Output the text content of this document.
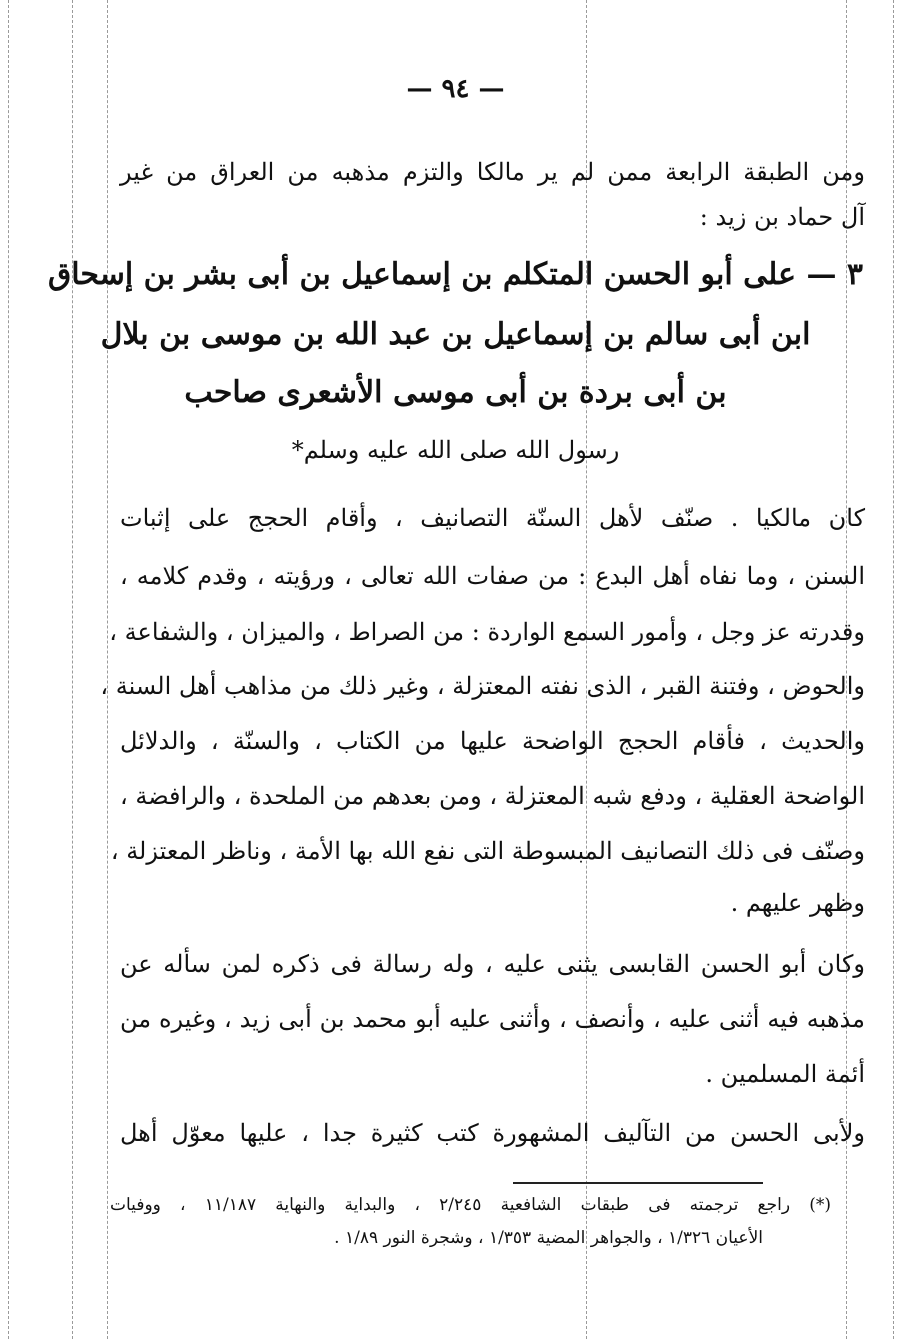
— ٩٤ —
ومن الطبقة الرابعة ممن لم ير مالكا والتزم مذهبه من العراق من غير
آل حماد بن زيد :
٣ — على أبو الحسن المتكلم بن إسماعيل بن أبى بشر بن إسحاق
ابن أبى سالم بن إسماعيل بن عبد الله بن موسى بن بلال
بن أبى بردة بن أبى موسى الأشعرى صاحب
رسول الله صلى الله عليه وسلم*
كان مالكيا . صنّف لأهل السنّة التصانيف ، وأقام الحجج على إثبات
السنن ، وما نفاه أهل البدع : من صفات الله تعالى ، ورؤيته ، وقدم كلامه ،
وقدرته عز وجل ، وأمور السمع الواردة : من الصراط ، والميزان ، والشفاعة ،
والحوض ، وفتنة القبر ، الذى نفته المعتزلة ، وغير ذلك من مذاهب أهل السنة ،
والحديث ، فأقام الحجج الواضحة عليها من الكتاب ، والسنّة ، والدلائل
الواضحة العقلية ، ودفع شبه المعتزلة ، ومن بعدهم من الملحدة ، والرافضة ،
وصنّف فى ذلك التصانيف المبسوطة التى نفع الله بها الأمة ، وناظر المعتزلة ،
وظهر عليهم .
وكان أبو الحسن القابسى يثنى عليه ، وله رسالة فى ذكره لمن سأله عن
مذهبه فيه أثنى عليه ، وأنصف ، وأثنى عليه أبو محمد بن أبى زيد ، وغيره من
أئمة المسلمين .
ولأبى الحسن من التآليف المشهورة كتب كثيرة جدا ، عليها معوّل أهل
(*) راجع ترجمته فى طبقات الشافعية ٢/٢٤٥ ، والبداية والنهاية ١١/١٨٧ ، ووفيات
الأعيان ١/٣٢٦ ، والجواهر المضية ١/٣٥٣ ، وشجرة النور ١/٨٩ .
